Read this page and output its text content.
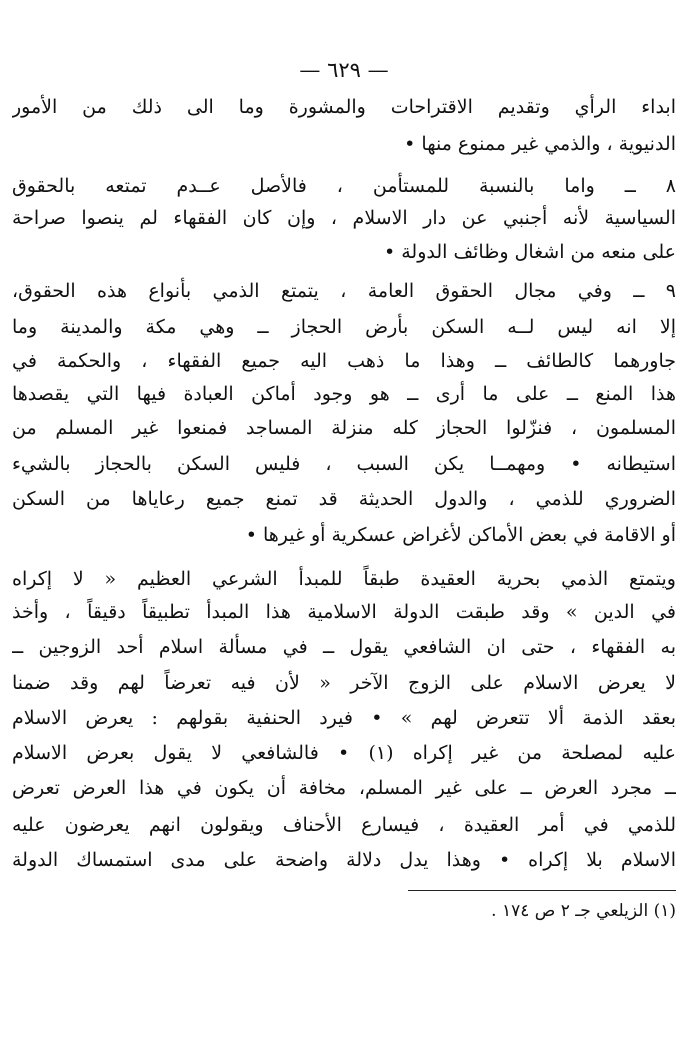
— ٦٢٩ —
ابداء الرأي وتقديم الاقتراحات والمشورة وما الى ذلك من الأمور
الدنيوية ، والذمي غير ممنوع منها •
٨ ــ واما بالنسبة للمستأمن ، فالأصل عــدم تمتعه بالحقوق
السياسية لأنه أجنبي عن دار الاسلام ، وإن كان الفقهاء لم ينصوا صراحة
على منعه من اشغال وظائف الدولة •
٩ ــ وفي مجال الحقوق العامة ، يتمتع الذمي بأنواع هذه الحقوق،
إلا انه ليس لــه السكن بأرض الحجاز ــ وهي مكة والمدينة وما
جاورهما كالطائف ــ وهذا ما ذهب اليه جميع الفقهاء ، والحكمة في
هذا المنع ــ على ما أرى ــ هو وجود أماكن العبادة فيها التي يقصدها
المسلمون ، فنزّلوا الحجاز كله منزلة المساجد فمنعوا غير المسلم من
استيطانه • ومهمــا يكن السبب ، فليس السكن بالحجاز بالشيء
الضروري للذمي ، والدول الحديثة قد تمنع جميع رعاياها من السكن
أو الاقامة في بعض الأماكن لأغراض عسكرية أو غيرها •
ويتمتع الذمي بحرية العقيدة طبقاً للمبدأ الشرعي العظيم « لا إكراه
في الدين » وقد طبقت الدولة الاسلامية هذا المبدأ تطبيقاً دقيقاً ، وأخذ
به الفقهاء ، حتى ان الشافعي يقول ــ في مسألة اسلام أحد الزوجين ــ
لا يعرض الاسلام على الزوج الآخر « لأن فيه تعرضاً لهم وقد ضمنا
بعقد الذمة ألا تتعرض لهم » • فيرد الحنفية بقولهم : يعرض الاسلام
عليه لمصلحة من غير إكراه (١) • فالشافعي لا يقول بعرض الاسلام
ــ مجرد العرض ــ على غير المسلم، مخافة أن يكون في هذا العرض تعرض
للذمي في أمر العقيدة ، فيسارع الأحناف ويقولون انهم يعرضون عليه
الاسلام بلا إكراه • وهذا يدل دلالة واضحة على مدى استمساك الدولة
(١) الزيلعي جـ ٢ ص ١٧٤ .
